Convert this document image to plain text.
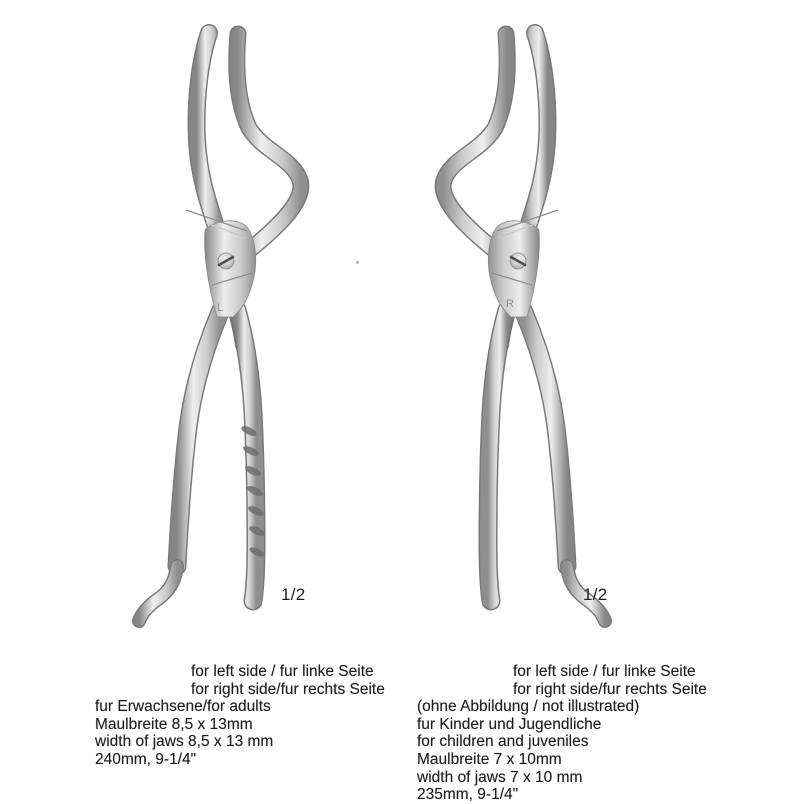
L	R
1/2	1/2

for left side / fur linke Seite

for right side/fur rechts Seite

fur Erwachsene/for adults

Maulbreite 8,5 x 13mm

width of jaws 8,5 x 13 mm

240mm, 9-1/4"

for left side / fur linke Seite

for right side/fur rechts Seite

(ohne Abbildung / not illustrated)

fur Kinder und Jugendliche

for children and juveniles

Maulbreite 7 x 10mm

width of jaws 7 x 10 mm

235mm, 9-1/4"
